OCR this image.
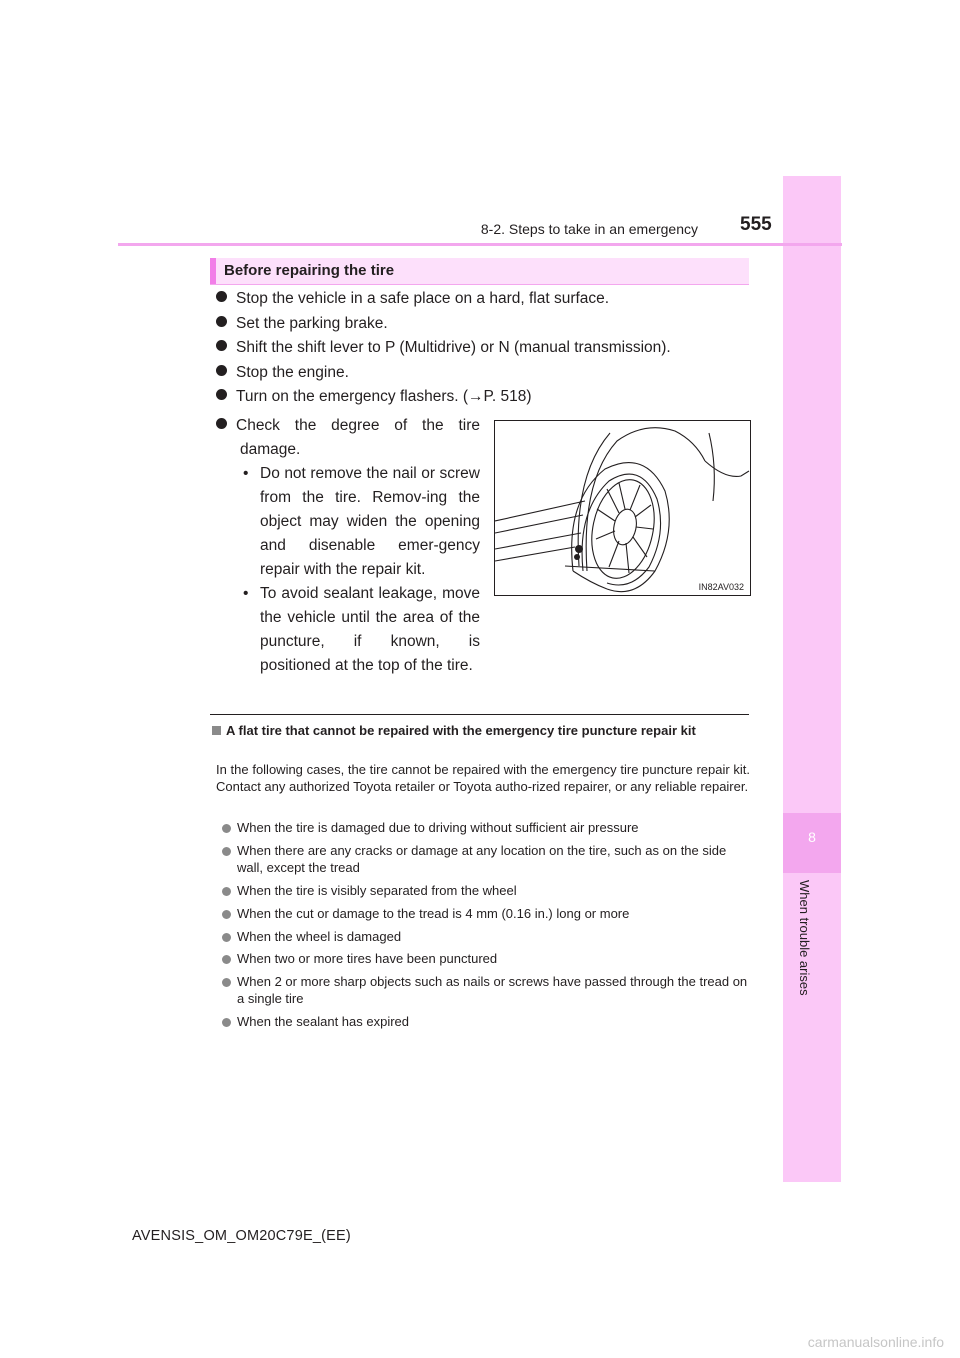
8
When trouble arises
8-2. Steps to take in an emergency 555
Before repairing the tire
Stop the vehicle in a safe place on a hard, flat surface.
Set the parking brake.
Shift the shift lever to P (Multidrive) or N (manual transmission).
Stop the engine.
Turn on the emergency flashers. (→P. 518)
Check the degree of the tire
damage.
• Do not remove the nail or screw from the tire. Remov-ing the object may widen the opening and disenable emer-gency repair with the repair kit.
• To avoid sealant leakage, move the vehicle until the area of the puncture, if known, is positioned at the top of the tire.
IN82AV032
A flat tire that cannot be repaired with the emergency tire puncture repair kit
In the following cases, the tire cannot be repaired with the emergency tire puncture repair kit. Contact any authorized Toyota retailer or Toyota autho-rized repairer, or any reliable repairer.
When the tire is damaged due to driving without sufficient air pressure
When there are any cracks or damage at any location on the tire, such as on the side wall, except the tread
When the tire is visibly separated from the wheel
When the cut or damage to the tread is 4 mm (0.16 in.) long or more
When the wheel is damaged
When two or more tires have been punctured
When 2 or more sharp objects such as nails or screws have passed through the tread on a single tire
When the sealant has expired
AVENSIS_OM_OM20C79E_(EE)
carmanualsonline.info
